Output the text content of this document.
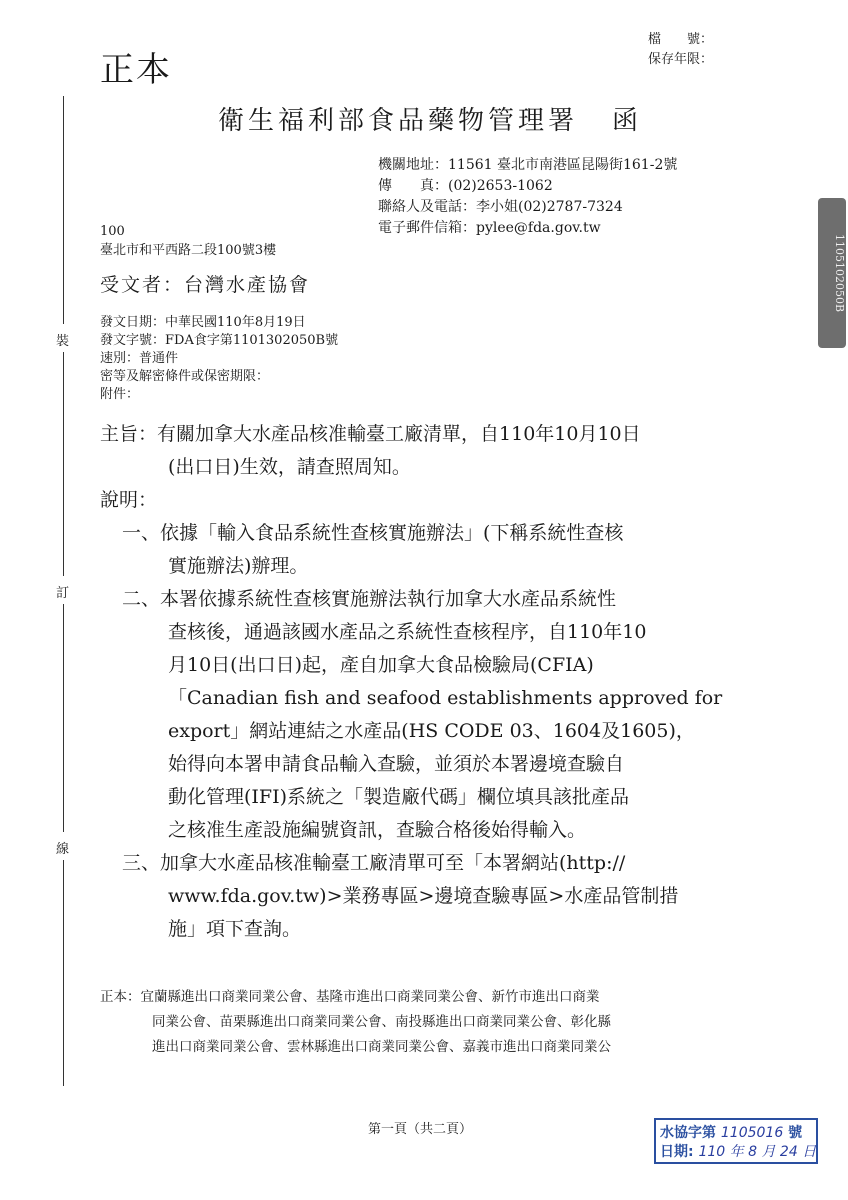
正本
檔　　號：
保存年限：
衛生福利部食品藥物管理署 函
機關地址：11561 臺北市南港區昆陽街161-2號
傳　　真：(02)2653-1062
聯絡人及電話：李小姐(02)2787-7324
電子郵件信箱：pylee@fda.gov.tw
100
臺北市和平西路二段100號3樓
受文者：台灣水產協會
發文日期：中華民國110年8月19日
發文字號：FDA食字第1101302050B號
速別：普通件
密等及解密條件或保密期限：
附件：
主旨：有關加拿大水產品核准輸臺工廠清單，自110年10月10日
(出口日)生效，請查照周知。
說明：
一、依據「輸入食品系統性查核實施辦法」(下稱系統性查核
實施辦法)辦理。
二、本署依據系統性查核實施辦法執行加拿大水產品系統性
查核後，通過該國水產品之系統性查核程序，自110年10
月10日(出口日)起，產自加拿大食品檢驗局(CFIA)
「Canadian fish and seafood establishments approved for
export」網站連結之水產品(HS CODE 03、1604及1605)，
始得向本署申請食品輸入查驗，並須於本署邊境查驗自
動化管理(IFI)系統之「製造廠代碼」欄位填具該批產品
之核准生產設施編號資訊，查驗合格後始得輸入。
三、加拿大水產品核准輸臺工廠清單可至「本署網站(http://
www.fda.gov.tw)>業務專區>邊境查驗專區>水產品管制措
施」項下查詢。
正本：宜蘭縣進出口商業同業公會、基隆市進出口商業同業公會、新竹市進出口商業
同業公會、苗栗縣進出口商業同業公會、南投縣進出口商業同業公會、彰化縣
進出口商業同業公會、雲林縣進出口商業同業公會、嘉義市進出口商業同業公
第一頁（共二頁）
裝
訂
線
1105102050B
水協字第 1105016 號
日期: 110 年 8 月 24 日
